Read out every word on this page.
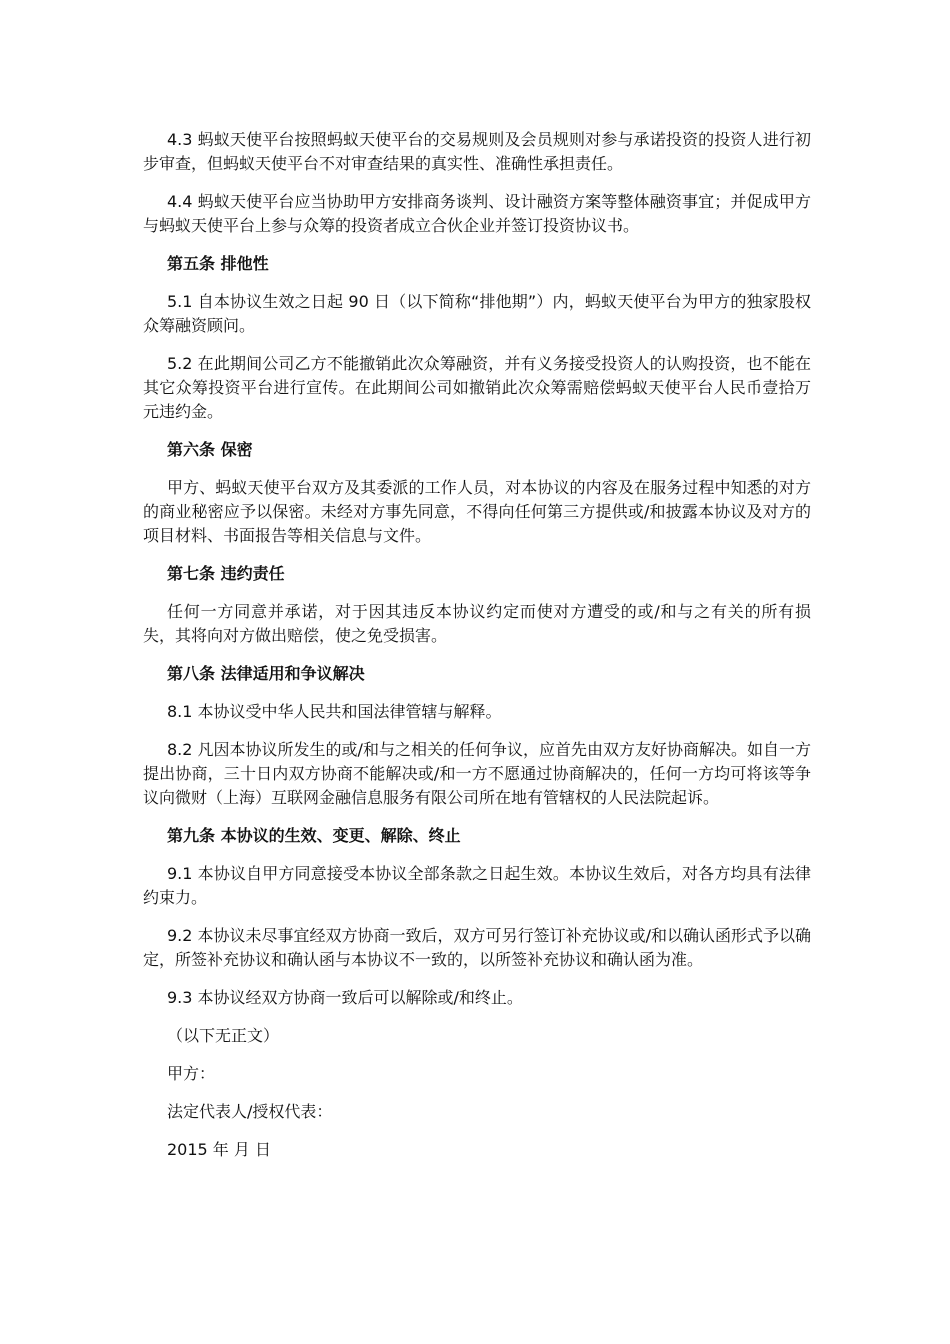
4.3 蚂蚁天使平台按照蚂蚁天使平台的交易规则及会员规则对参与承诺投资的投资人进行初步审查，但蚂蚁天使平台不对审查结果的真实性、准确性承担责任。

4.4 蚂蚁天使平台应当协助甲方安排商务谈判、设计融资方案等整体融资事宜；并促成甲方与蚂蚁天使平台上参与众筹的投资者成立合伙企业并签订投资协议书。

第五条 排他性

5.1 自本协议生效之日起 90 日（以下简称“排他期”）内，蚂蚁天使平台为甲方的独家股权众筹融资顾问。

5.2 在此期间公司乙方不能撤销此次众筹融资，并有义务接受投资人的认购投资，也不能在其它众筹投资平台进行宣传。在此期间公司如撤销此次众筹需赔偿蚂蚁天使平台人民币壹拾万元违约金。

第六条 保密

甲方、蚂蚁天使平台双方及其委派的工作人员，对本协议的内容及在服务过程中知悉的对方的商业秘密应予以保密。未经对方事先同意，不得向任何第三方提供或/和披露本协议及对方的项目材料、书面报告等相关信息与文件。

第七条 违约责任

任何一方同意并承诺，对于因其违反本协议约定而使对方遭受的或/和与之有关的所有损失，其将向对方做出赔偿，使之免受损害。

第八条 法律适用和争议解决

8.1 本协议受中华人民共和国法律管辖与解释。

8.2 凡因本协议所发生的或/和与之相关的任何争议，应首先由双方友好协商解决。如自一方提出协商，三十日内双方协商不能解决或/和一方不愿通过协商解决的，任何一方均可将该等争议向微财（上海）互联网金融信息服务有限公司所在地有管辖权的人民法院起诉。

第九条 本协议的生效、变更、解除、终止

9.1 本协议自甲方同意接受本协议全部条款之日起生效。本协议生效后，对各方均具有法律约束力。

9.2 本协议未尽事宜经双方协商一致后，双方可另行签订补充协议或/和以确认函形式予以确定，所签补充协议和确认函与本协议不一致的，以所签补充协议和确认函为准。

9.3 本协议经双方协商一致后可以解除或/和终止。

（以下无正文）

甲方：

法定代表人/授权代表：

2015 年 月 日
